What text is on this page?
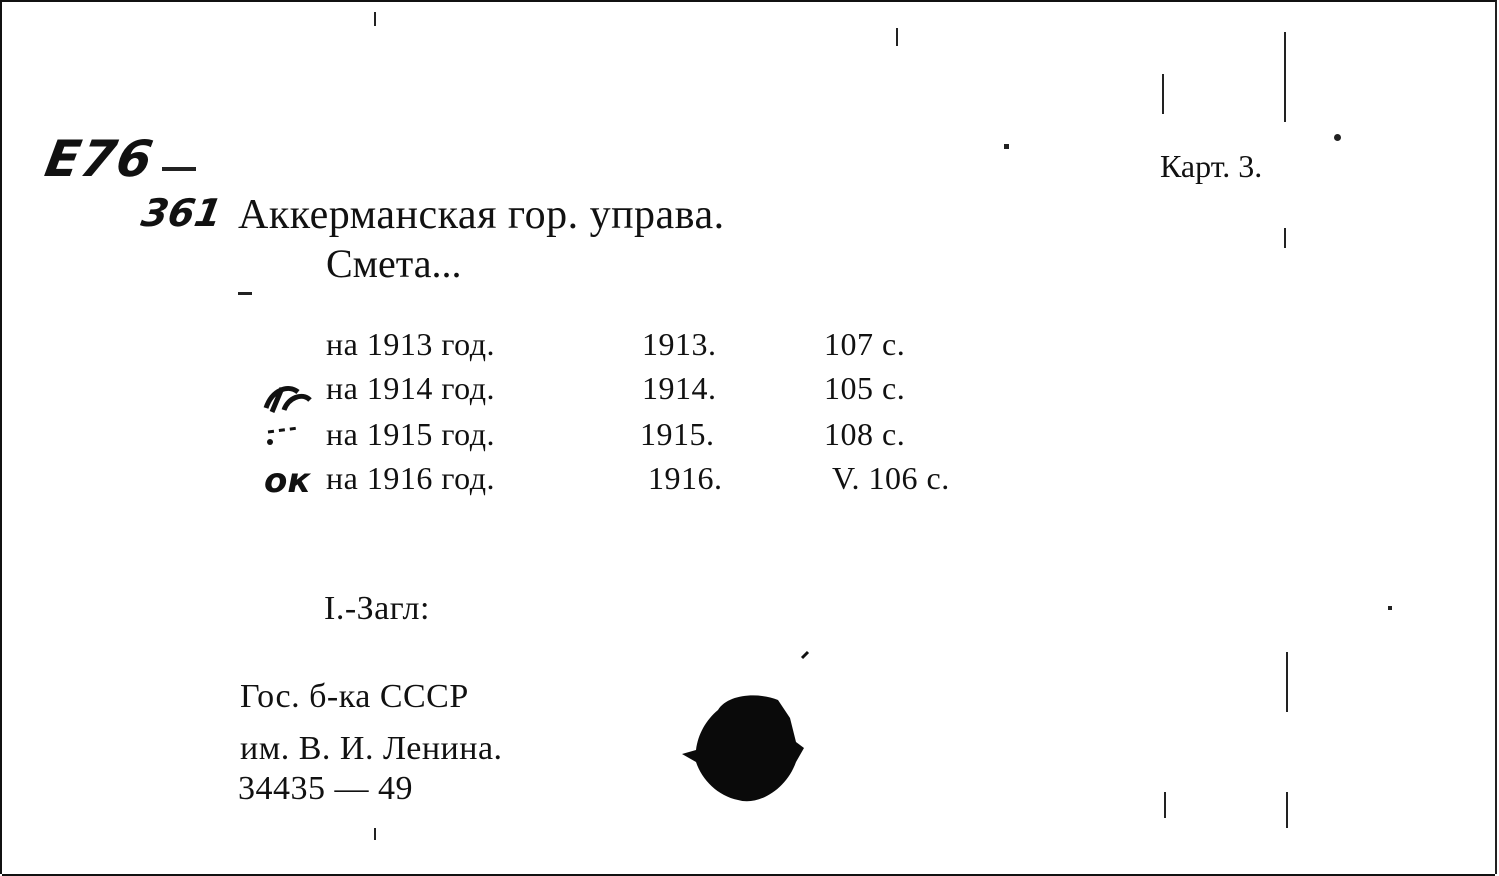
E76
361
Карт. 3.
Аккерманская гор. управа.
Смета...
на 1913 год.	1913.	107 с.
на 1914 год.	1914.	105 с.
на 1915 год.	1915.	108 с.
на 1916 год.	1916.	V. 106 с.
ок
I.-Загл:
Гос. б-ка СССР
им. В. И. Ленина.
34435 — 49
